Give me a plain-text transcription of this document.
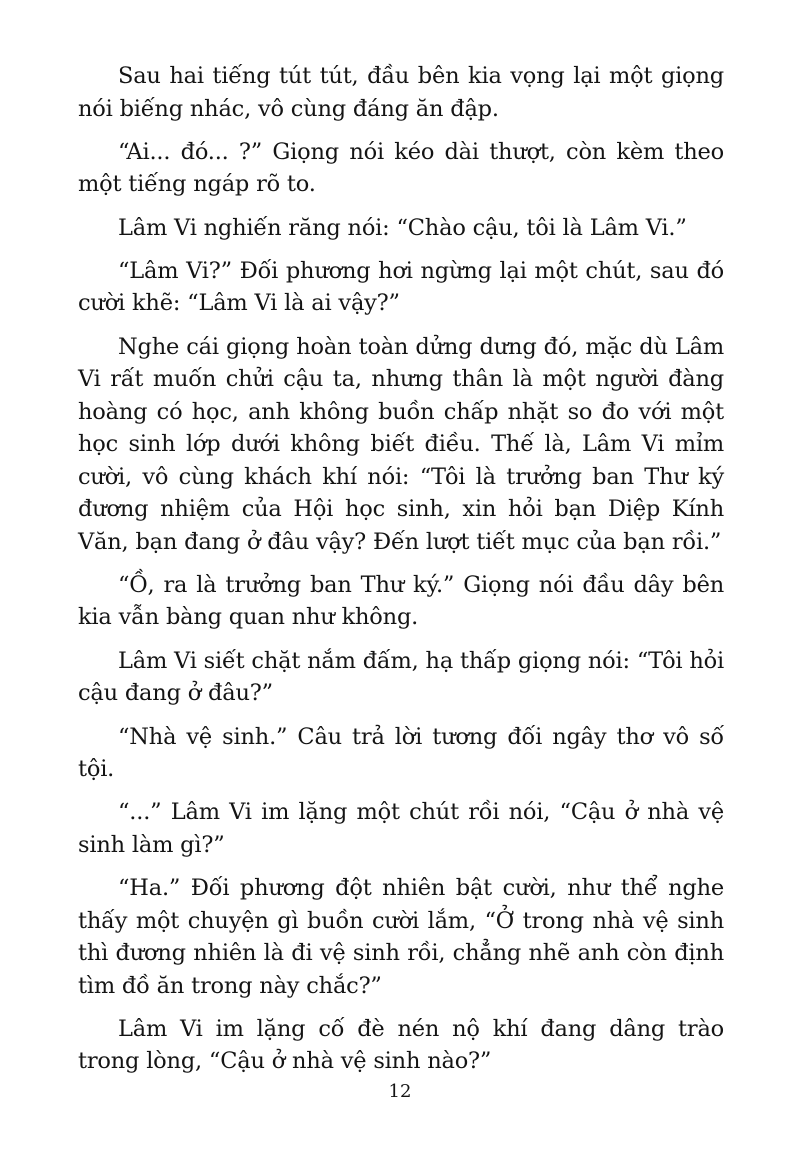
Sau hai tiếng tút tút, đầu bên kia vọng lại một giọng nói biếng nhác, vô cùng đáng ăn đập.

“Ai... đó... ?” Giọng nói kéo dài thượt, còn kèm theo một tiếng ngáp rõ to.

Lâm Vi nghiến răng nói: “Chào cậu, tôi là Lâm Vi.”

“Lâm Vi?” Đối phương hơi ngừng lại một chút, sau đó cười khẽ: “Lâm Vi là ai vậy?”

Nghe cái giọng hoàn toàn dửng dưng đó, mặc dù Lâm Vi rất muốn chửi cậu ta, nhưng thân là một người đàng hoàng có học, anh không buồn chấp nhặt so đo với một học sinh lớp dưới không biết điều. Thế là, Lâm Vi mỉm cười, vô cùng khách khí nói: “Tôi là trưởng ban Thư ký đương nhiệm của Hội học sinh, xin hỏi bạn Diệp Kính Văn, bạn đang ở đâu vậy? Đến lượt tiết mục của bạn rồi.”

“Ồ, ra là trưởng ban Thư ký.” Giọng nói đầu dây bên kia vẫn bàng quan như không.

Lâm Vi siết chặt nắm đấm, hạ thấp giọng nói: “Tôi hỏi cậu đang ở đâu?”

“Nhà vệ sinh.” Câu trả lời tương đối ngây thơ vô số tội.

“...” Lâm Vi im lặng một chút rồi nói, “Cậu ở nhà vệ sinh làm gì?”

“Ha.” Đối phương đột nhiên bật cười, như thể nghe thấy một chuyện gì buồn cười lắm, “Ở trong nhà vệ sinh thì đương nhiên là đi vệ sinh rồi, chẳng nhẽ anh còn định tìm đồ ăn trong này chắc?”

Lâm Vi im lặng cố đè nén nộ khí đang dâng trào trong lòng, “Cậu ở nhà vệ sinh nào?”

12
